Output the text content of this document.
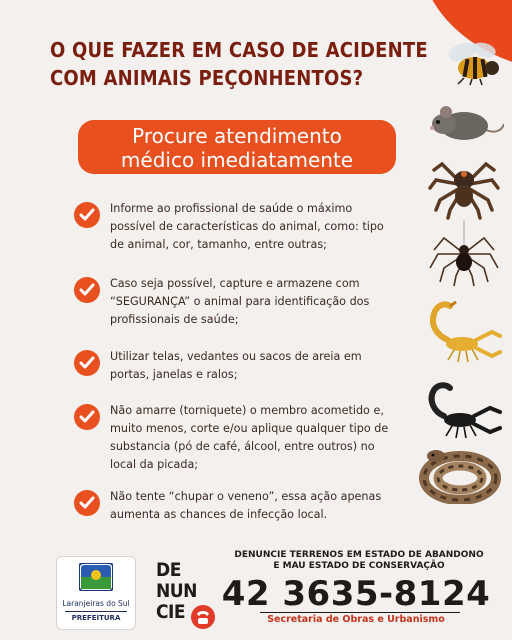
O QUE FAZER EM CASO DE ACIDENTE
COM ANIMAIS PEÇONHENTOS?
Procure atendimento
médico imediatamente
Informe ao profissional de saúde o máximo possível de características do animal, como: tipo de animal, cor, tamanho, entre outras;
Caso seja possível, capture e armazene com “SEGURANÇA” o animal para identificação dos profissionais de saúde;
Utilizar telas, vedantes ou sacos de areia em portas, janelas e ralos;
Não amarre (torniquete) o membro acometido e, muito menos, corte e/ou aplique qualquer tipo de substancia (pó de café, álcool, entre outros) no local da picada;
Não tente “chupar o veneno”, essa ação apenas aumenta as chances de infecção local.
Laranjeiras do Sul
PREFEITURA
DE
NUN
CIE
DENUNCIE TERRENOS EM ESTADO DE ABANDONO
E MAU ESTADO DE CONSERVAÇÃO
42 3635-8124
Secretaria de Obras e Urbanismo
